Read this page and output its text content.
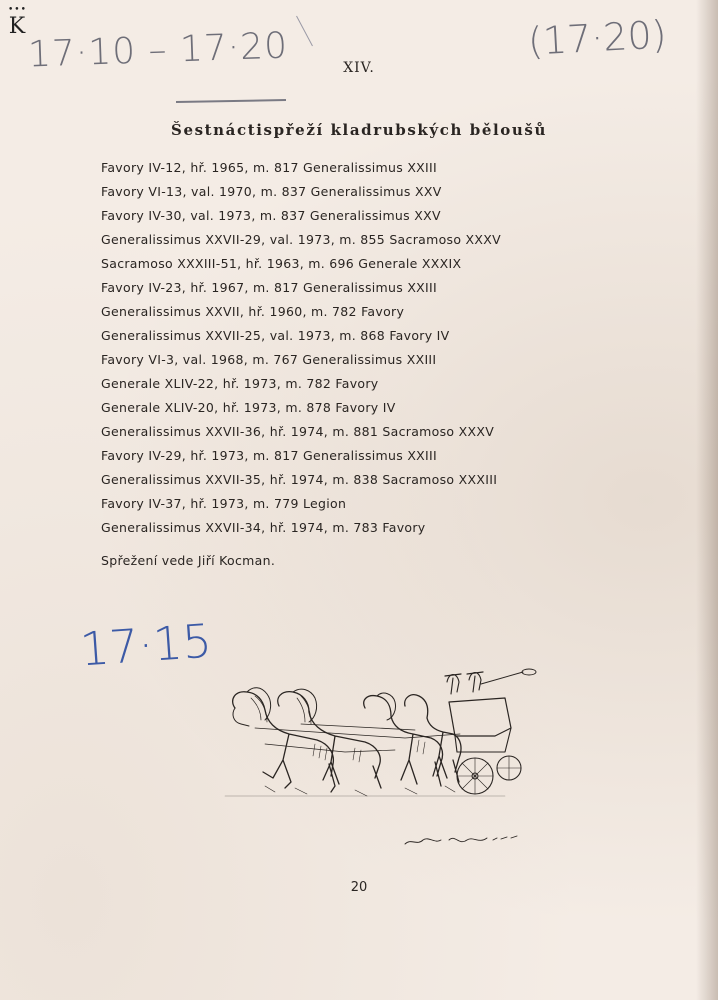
•••
K 17·10 – 17·20	(17·20)
XIV.
Šestnáctispřeží kladrubských běloušů
Favory IV-12, hř. 1965, m. 817 Generalissimus XXIII
Favory VI-13, val. 1970, m. 837 Generalissimus XXV
Favory IV-30, val. 1973, m. 837 Generalissimus XXV
Generalissimus XXVII-29, val. 1973, m. 855 Sacramoso XXXV
Sacramoso XXXIII-51, hř. 1963, m. 696 Generale XXXIX
Favory IV-23, hř. 1967, m. 817 Generalissimus XXIII
Generalissimus XXVII, hř. 1960, m. 782 Favory
Generalissimus XXVII-25, val. 1973, m. 868 Favory IV
Favory VI-3, val. 1968, m. 767 Generalissimus XXIII
Generale XLIV-22, hř. 1973, m. 782 Favory
Generale XLIV-20, hř. 1973, m. 878 Favory IV
Generalissimus XXVII-36, hř. 1974, m. 881 Sacramoso XXXV
Favory IV-29, hř. 1973, m. 817 Generalissimus XXIII
Generalissimus XXVII-35, hř. 1974, m. 838 Sacramoso XXXIII
Favory IV-37, hř. 1973, m. 779 Legion
Generalissimus XXVII-34, hř. 1974, m. 783 Favory
Spřežení vede Jiří Kocman.
17·15
20
